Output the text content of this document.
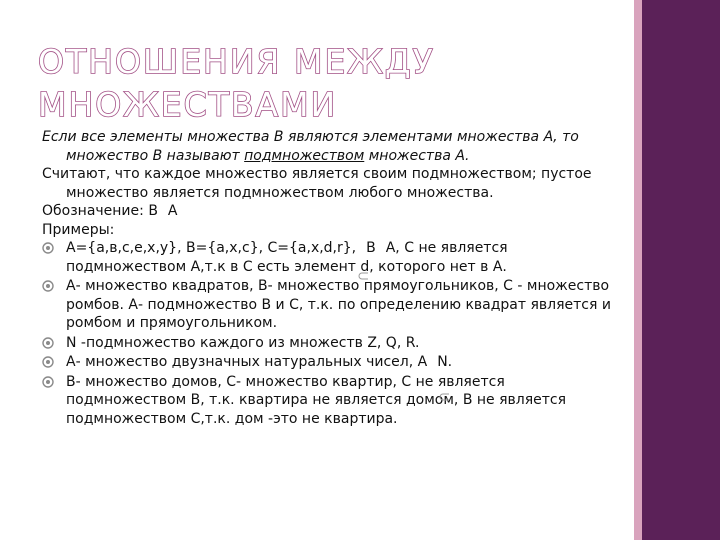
ОТНОШЕНИЯ МЕЖДУ
МНОЖЕСТВАМИ

Если все элементы множества В являются элементами множества А, то множество В называют подмножеством множества А.

Считают, что каждое множество является своим подмножеством; пустое множество является подмножеством любого множества.

Обозначение: В А

Примеры:

А={а,в,с,е,х,у}, В={а,х,с}, С={а,х,d,r}, В А, С не является подмножеством А,т.к в С есть элемент d, которого нет в А.
А- множество квадратов, В- множество прямоугольников, С - множество ромбов. А- подмножество В и С, т.к. по определению квадрат является и ромбом и прямоугольником.
N -подмножество каждого из множеств Z, Q, R.
А- множество двузначных натуральных чисел, А N.
В- множество домов, С- множество квартир, С не является подмножеством В, т.к. квартира не является домом, В не является подмножеством С,т.к. дом -это не квартира.
